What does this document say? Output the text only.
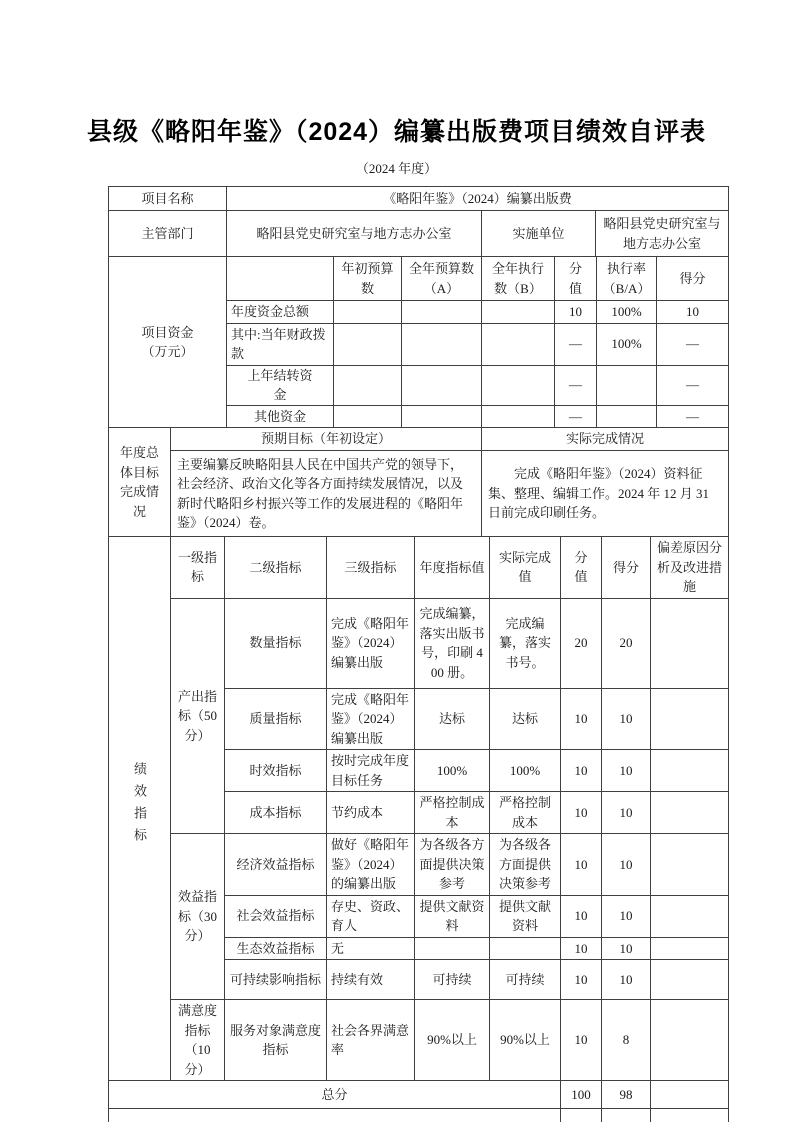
县级《略阳年鉴》（2024）编纂出版费项目绩效自评表
（2024 年度）
项目名称	《略阳年鉴》（2024）编纂出版费		
主管部门	略阳县党史研究室与地方志办公室	实施单位	略阳县党史研究室与地方志办公室
项目资金（万元）		年初预算数	全年预算数（A）	全年执行数（B）	分值	执行率（B/A）	得分
	年度资金总额				10	100%	10
	其中:当年财政拨款				—	100%	—
	上年结转资金				—		—
	其他资金				—		—
年度总体目标完成情况	预期目标（年初设定）	实际完成情况
	主要编纂反映略阳县人民在中国共产党的领导下，社会经济、政治文化等各方面持续发展情况，以及新时代略阳乡村振兴等工作的发展进程的《略阳年鉴》（2024）卷。	完成《略阳年鉴》（2024）资料征集、整理、编辑工作。2024 年 12 月 31 日前完成印刷任务。
绩效指标	一级指标	二级指标	三级指标	年度指标值	实际完成值	分值	得分	偏差原因分析及改进措施
	产出指标（50分）	数量指标	完成《略阳年鉴》（2024）编纂出版	完成编纂，落实出版书号，印刷 400 册。	完成编纂，落实书号。	20	20	
		质量指标	完成《略阳年鉴》（2024）编纂出版	达标	达标	10	10	
		时效指标	按时完成年度目标任务	100%	100%	10	10	
		成本指标	节约成本	严格控制成本	严格控制成本	10	10	
	效益指标（30分）	经济效益指标	做好《略阳年鉴》（2024）的编纂出版	为各级各方面提供决策参考	为各级各方面提供决策参考	10	10	
		社会效益指标	存史、资政、育人	提供文献资料	提供文献资料	10	10	
		生态效益指标	无			10	10	
		可持续影响指标	持续有效	可持续	可持续	10	10	
	满意度指标（10分）	服务对象满意度指标	社会各界满意率	90%以上	90%以上	10	8	
总分						100	98	
